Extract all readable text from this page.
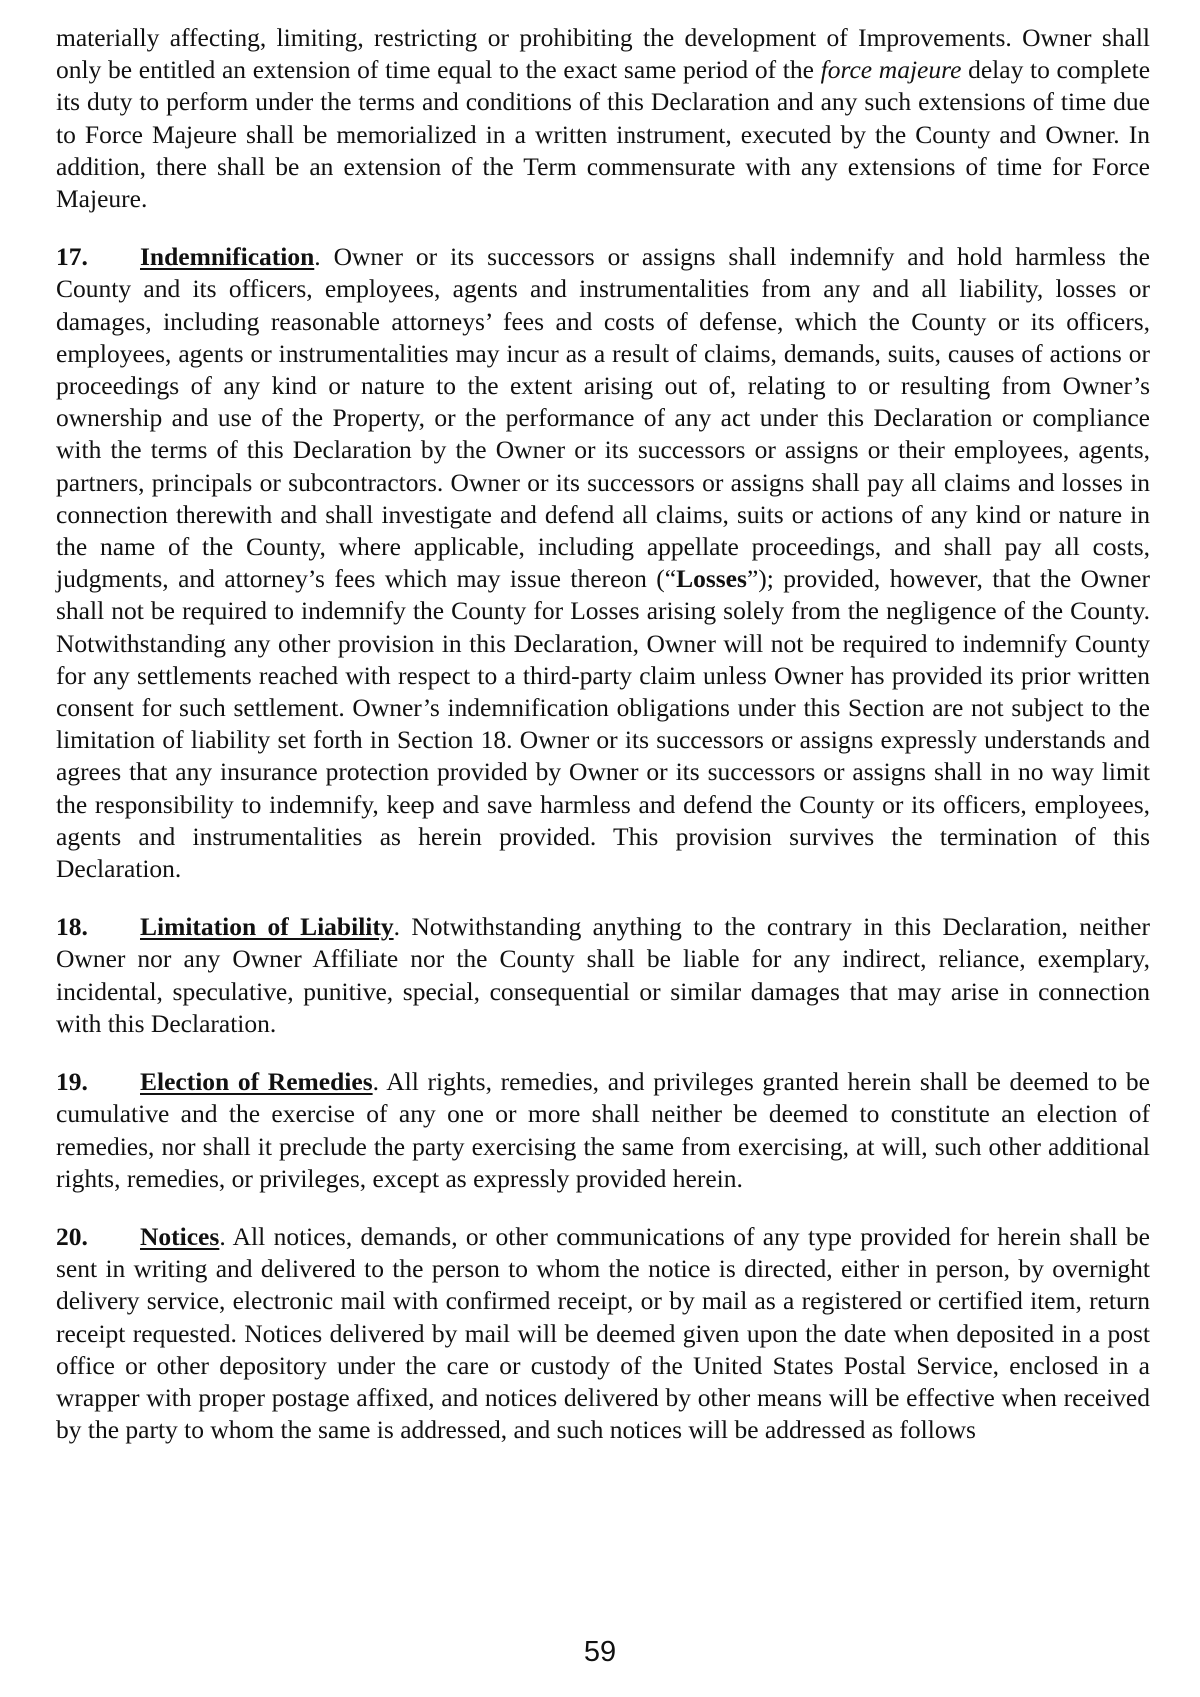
materially affecting, limiting, restricting or prohibiting the development of Improvements. Owner shall only be entitled an extension of time equal to the exact same period of the force majeure delay to complete its duty to perform under the terms and conditions of this Declaration and any such extensions of time due to Force Majeure shall be memorialized in a written instrument, executed by the County and Owner. In addition, there shall be an extension of the Term commensurate with any extensions of time for Force Majeure.

17. Indemnification. Owner or its successors or assigns shall indemnify and hold harmless the County and its officers, employees, agents and instrumentalities from any and all liability, losses or damages, including reasonable attorneys’ fees and costs of defense, which the County or its officers, employees, agents or instrumentalities may incur as a result of claims, demands, suits, causes of actions or proceedings of any kind or nature to the extent arising out of, relating to or resulting from Owner’s ownership and use of the Property, or the performance of any act under this Declaration or compliance with the terms of this Declaration by the Owner or its successors or assigns or their employees, agents, partners, principals or subcontractors. Owner or its successors or assigns shall pay all claims and losses in connection therewith and shall investigate and defend all claims, suits or actions of any kind or nature in the name of the County, where applicable, including appellate proceedings, and shall pay all costs, judgments, and attorney’s fees which may issue thereon (“Losses”); provided, however, that the Owner shall not be required to indemnify the County for Losses arising solely from the negligence of the County. Notwithstanding any other provision in this Declaration, Owner will not be required to indemnify County for any settlements reached with respect to a third-party claim unless Owner has provided its prior written consent for such settlement. Owner’s indemnification obligations under this Section are not subject to the limitation of liability set forth in Section 18. Owner or its successors or assigns expressly understands and agrees that any insurance protection provided by Owner or its successors or assigns shall in no way limit the responsibility to indemnify, keep and save harmless and defend the County or its officers, employees, agents and instrumentalities as herein provided. This provision survives the termination of this Declaration.

18. Limitation of Liability. Notwithstanding anything to the contrary in this Declaration, neither Owner nor any Owner Affiliate nor the County shall be liable for any indirect, reliance, exemplary, incidental, speculative, punitive, special, consequential or similar damages that may arise in connection with this Declaration.

19. Election of Remedies. All rights, remedies, and privileges granted herein shall be deemed to be cumulative and the exercise of any one or more shall neither be deemed to constitute an election of remedies, nor shall it preclude the party exercising the same from exercising, at will, such other additional rights, remedies, or privileges, except as expressly provided herein.

20. Notices. All notices, demands, or other communications of any type provided for herein shall be sent in writing and delivered to the person to whom the notice is directed, either in person, by overnight delivery service, electronic mail with confirmed receipt, or by mail as a registered or certified item, return receipt requested. Notices delivered by mail will be deemed given upon the date when deposited in a post office or other depository under the care or custody of the United States Postal Service, enclosed in a wrapper with proper postage affixed, and notices delivered by other means will be effective when received by the party to whom the same is addressed, and such notices will be addressed as follows

59
